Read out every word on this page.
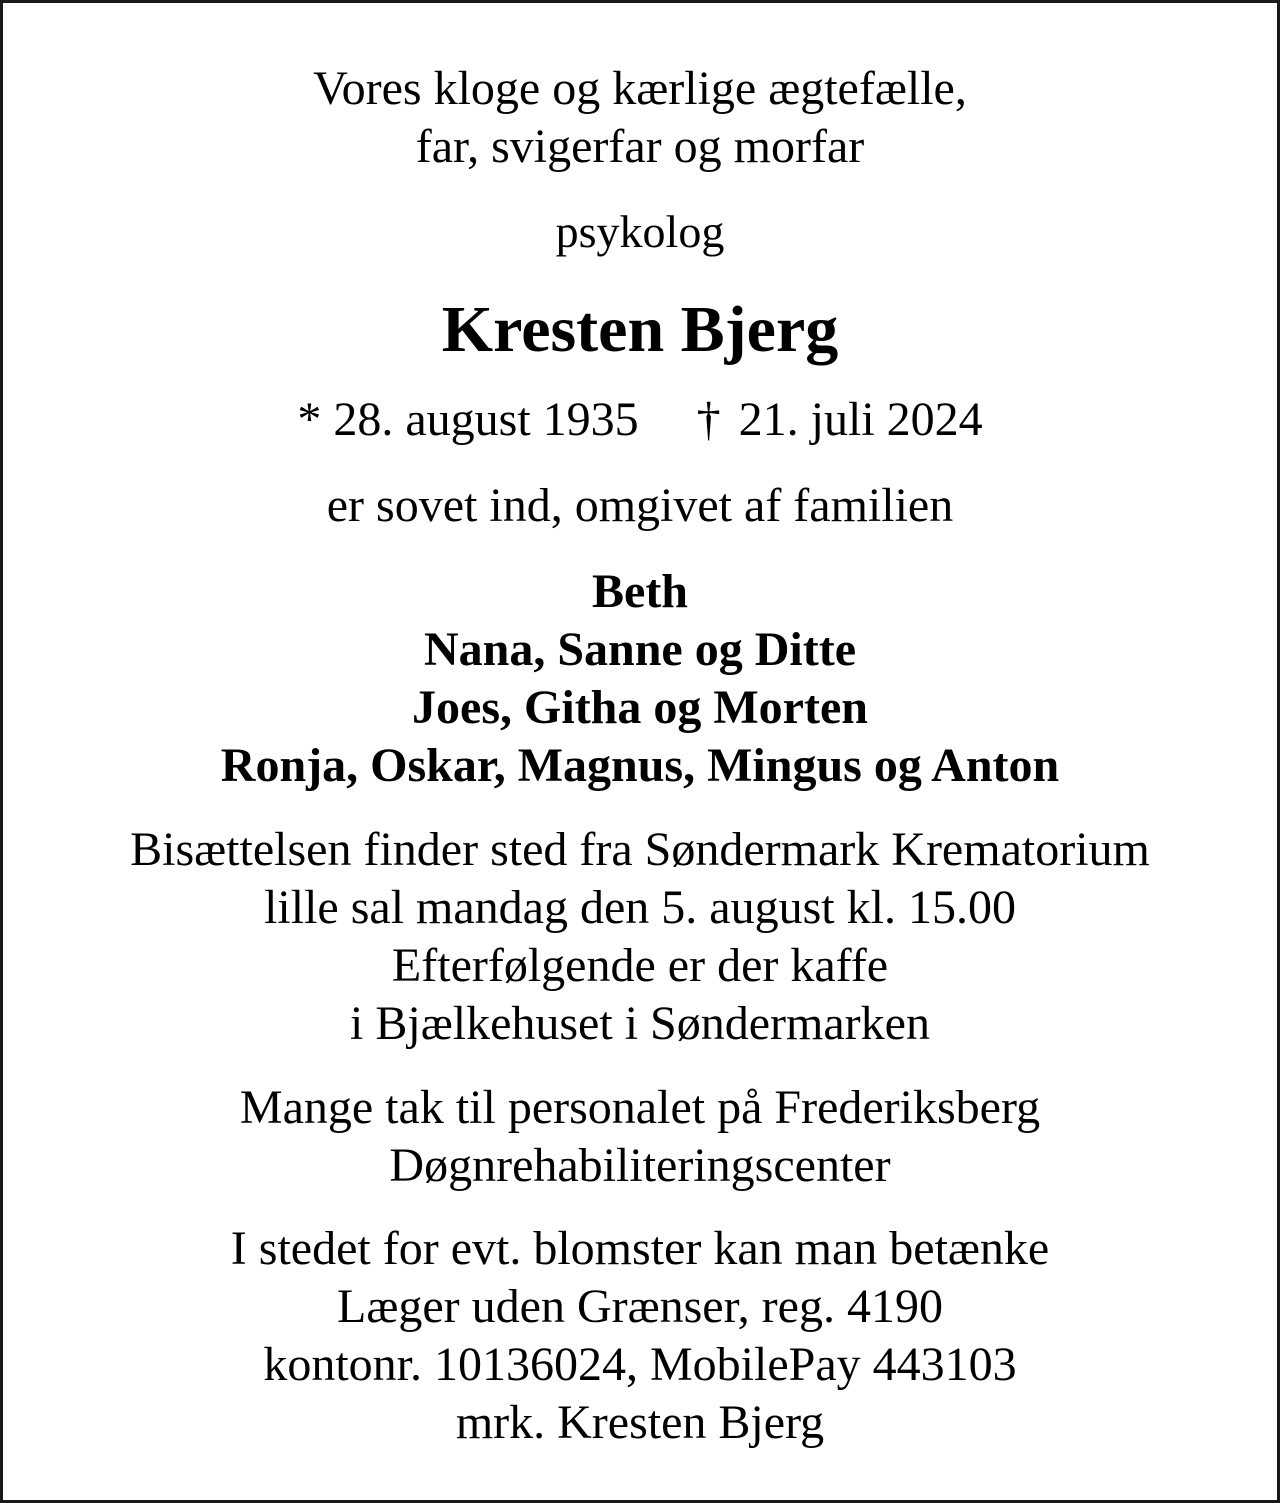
Vores kloge og kærlige ægtefælle,
far, svigerfar og morfar
psykolog
Kresten Bjerg
* 28. august 1935 † 21. juli 2024
er sovet ind, omgivet af familien
Beth
Nana, Sanne og Ditte
Joes, Githa og Morten
Ronja, Oskar, Magnus, Mingus og Anton
Bisættelsen finder sted fra Søndermark Krematorium
lille sal mandag den 5. august kl. 15.00
Efterfølgende er der kaffe
i Bjælkehuset i Søndermarken
Mange tak til personalet på Frederiksberg
Døgnrehabiliteringscenter
I stedet for evt. blomster kan man betænke
Læger uden Grænser, reg. 4190
kontonr. 10136024, MobilePay 443103
mrk. Kresten Bjerg
